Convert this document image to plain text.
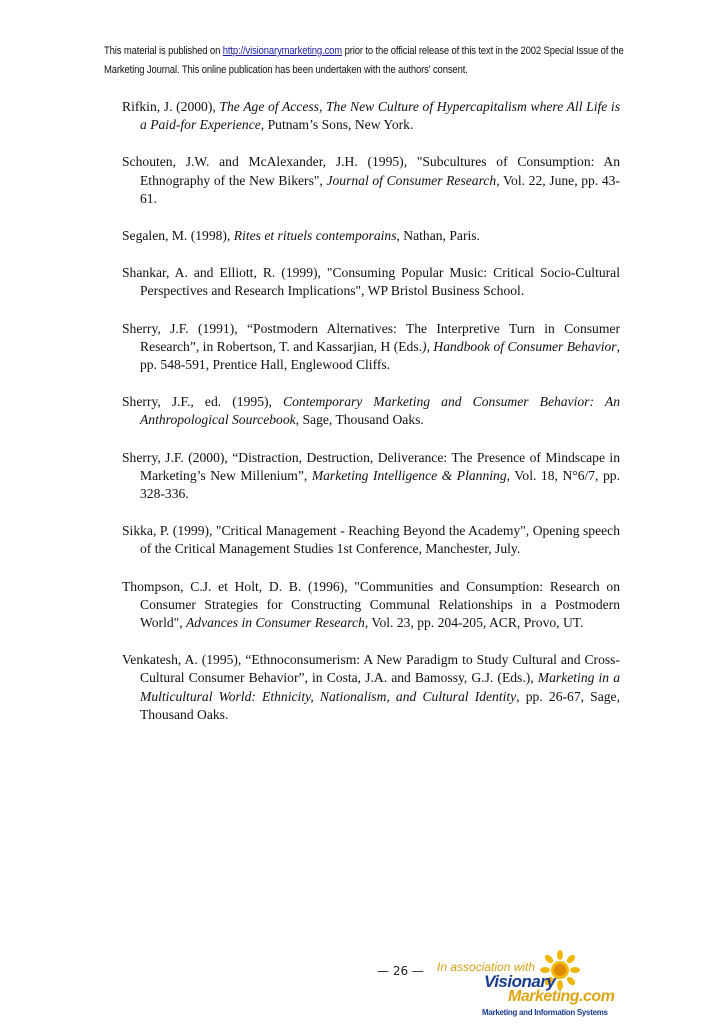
This material is published on http://visionarymarketing.com prior to the official release of this text in the 2002 Special Issue of the Marketing Journal. This online publication has been undertaken with the authors' consent.

Rifkin, J. (2000), The Age of Access, The New Culture of Hypercapitalism where All Life is a Paid-for Experience, Putnam’s Sons, New York.

Schouten, J.W. and McAlexander, J.H. (1995), "Subcultures of Consumption: An Ethnography of the New Bikers", Journal of Consumer Research, Vol. 22, June, pp. 43-61.

Segalen, M. (1998), Rites et rituels contemporains, Nathan, Paris.

Shankar, A. and Elliott, R. (1999), "Consuming Popular Music: Critical Socio-Cultural Perspectives and Research Implications", WP Bristol Business School.

Sherry, J.F. (1991), “Postmodern Alternatives: The Interpretive Turn in Consumer Research”, in Robertson, T. and Kassarjian, H (Eds.), Handbook of Consumer Behavior, pp. 548-591, Prentice Hall, Englewood Cliffs.

Sherry, J.F., ed. (1995), Contemporary Marketing and Consumer Behavior: An Anthropological Sourcebook, Sage, Thousand Oaks.

Sherry, J.F. (2000), “Distraction, Destruction, Deliverance: The Presence of Mindscape in Marketing’s New Millenium”, Marketing Intelligence & Planning, Vol. 18, N°6/7, pp. 328-336.

Sikka, P. (1999), "Critical Management - Reaching Beyond the Academy", Opening speech of the Critical Management Studies 1st Conference, Manchester, July.

Thompson, C.J. et Holt, D. B. (1996), "Communities and Consumption: Research on Consumer Strategies for Constructing Communal Relationships in a Postmodern World", Advances in Consumer Research, Vol. 23, pp. 204-205, ACR, Provo, UT.

Venkatesh, A. (1995), “Ethnoconsumerism: A New Paradigm to Study Cultural and Cross-Cultural Consumer Behavior”, in Costa, J.A. and Bamossy, G.J. (Eds.), Marketing in a Multicultural World: Ethnicity, Nationalism, and Cultural Identity, pp. 26-67, Sage, Thousand Oaks.

— 26 — In association with
Visionary
Marketing.com
Marketing and Information Systems
